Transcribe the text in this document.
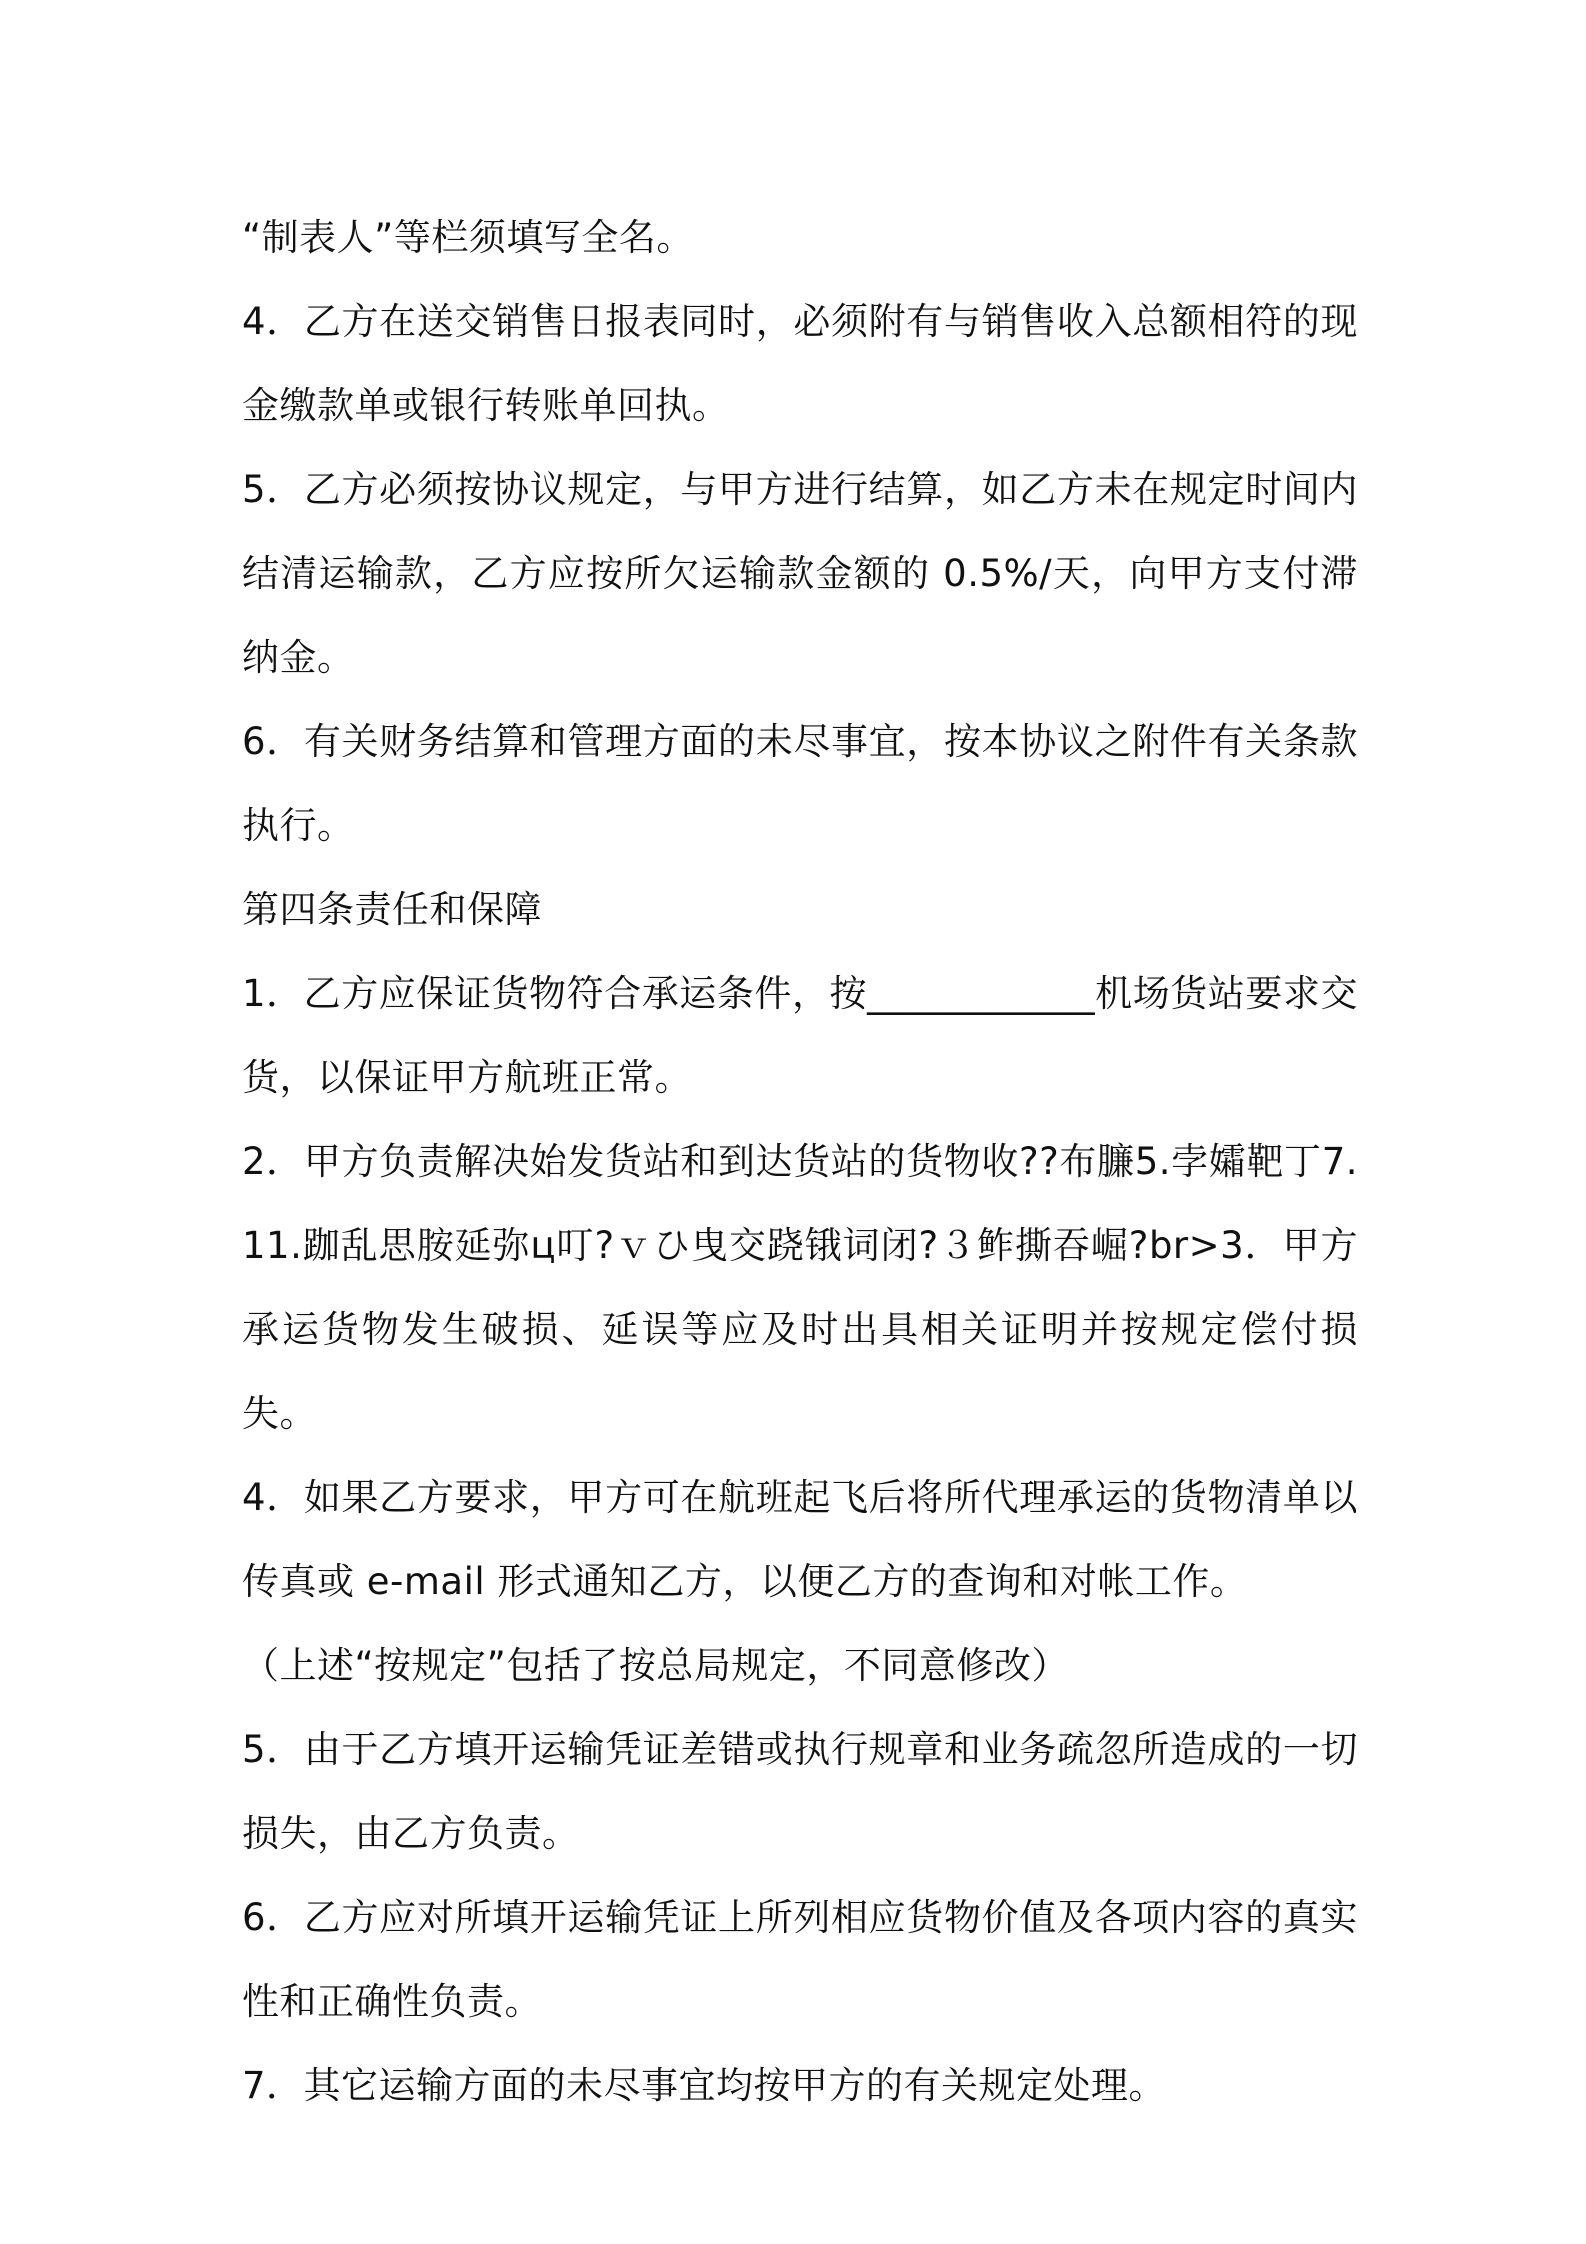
“制表人”等栏须填写全名。

4．乙方在送交销售日报表同时，必须附有与销售收入总额相符的现金缴款单或银行转账单回执。

5．乙方必须按协议规定，与甲方进行结算，如乙方未在规定时间内结清运输款，乙方应按所欠运输款金额的 0.5%/天，向甲方支付滞纳金。

6．有关财务结算和管理方面的未尽事宜，按本协议之附件有关条款执行。

第四条责任和保障

1．乙方应保证货物符合承运条件，按____________机场货站要求交货，以保证甲方航班正常。

2．甲方负责解决始发货站和到达货站的货物收??布臁5.孛孀靶丁7.11.跏乱思胺延弥ц叮?ｖひ曳交跷锇词闭?３鲊撕吞崛?br>3．甲方承运货物发生破损、延误等应及时出具相关证明并按规定偿付损失。

4．如果乙方要求，甲方可在航班起飞后将所代理承运的货物清单以传真或 e-mail 形式通知乙方，以便乙方的查询和对帐工作。

（上述“按规定”包括了按总局规定，不同意修改）

5．由于乙方填开运输凭证差错或执行规章和业务疏忽所造成的一切损失，由乙方负责。

6．乙方应对所填开运输凭证上所列相应货物价值及各项内容的真实性和正确性负责。

7．其它运输方面的未尽事宜均按甲方的有关规定处理。
